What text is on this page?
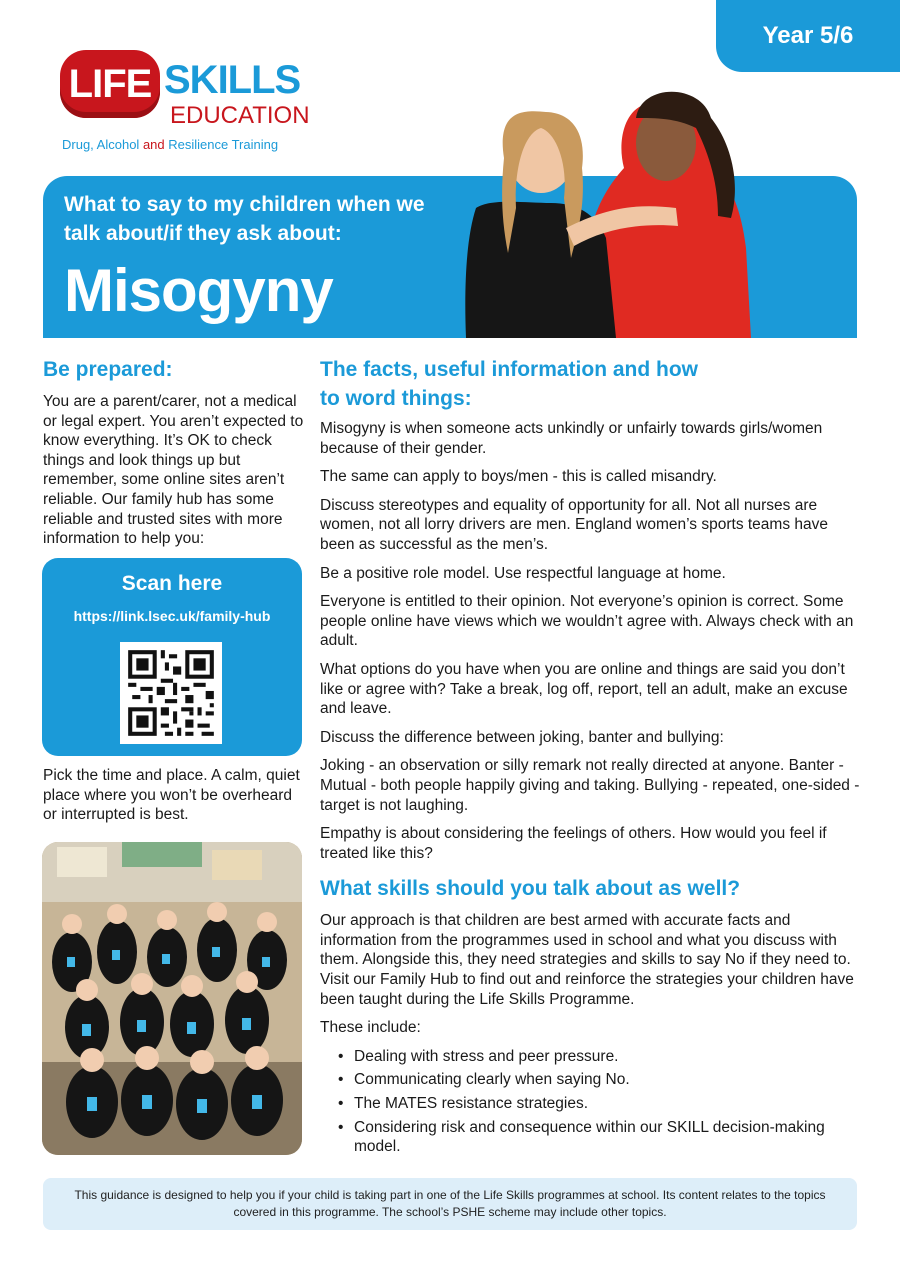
Year 5/6
LIFE SKILLS
EDUCATION
Drug, Alcohol and Resilience Training
What to say to my children when we talk about/if they ask about:
Misogyny
Be prepared:
You are a parent/carer, not a medical or legal expert. You aren’t expected to know everything. It’s OK to check things and look things up but remember, some online sites aren’t reliable. Our family hub has some reliable and trusted sites with more information to help you:
Scan here
https://link.lsec.uk/family-hub
Pick the time and place. A calm, quiet place where you won’t be overheard or interrupted is best.
The facts, useful information and how to word things:

Misogyny is when someone acts unkindly or unfairly towards girls/women because of their gender.

The same can apply to boys/men - this is called misandry.

Discuss stereotypes and equality of opportunity for all. Not all nurses are women, not all lorry drivers are men. England women’s sports teams have been as successful as the men’s.

Be a positive role model. Use respectful language at home.

Everyone is entitled to their opinion. Not everyone’s opinion is correct. Some people online have views which we wouldn’t agree with. Always check with an adult.

What options do you have when you are online and things are said you don’t like or agree with? Take a break, log off, report, tell an adult, make an excuse and leave.

Discuss the difference between joking, banter and bullying:

Joking - an observation or silly remark not really directed at anyone. Banter - Mutual - both people happily giving and taking. Bullying - repeated, one-sided - target is not laughing.

Empathy is about considering the feelings of others. How would you feel if treated like this?

What skills should you talk about as well?

Our approach is that children are best armed with accurate facts and information from the programmes used in school and what you discuss with them. Alongside this, they need strategies and skills to say No if they need to. Visit our Family Hub to find out and reinforce the strategies your children have been taught during the Life Skills Programme.

These include:

• Dealing with stress and peer pressure.
• Communicating clearly when saying No.
• The MATES resistance strategies.
• Considering risk and consequence within our SKILL decision-making model.
This guidance is designed to help you if your child is taking part in one of the Life Skills programmes at school. Its content relates to the topics covered in this programme. The school’s PSHE scheme may include other topics.
